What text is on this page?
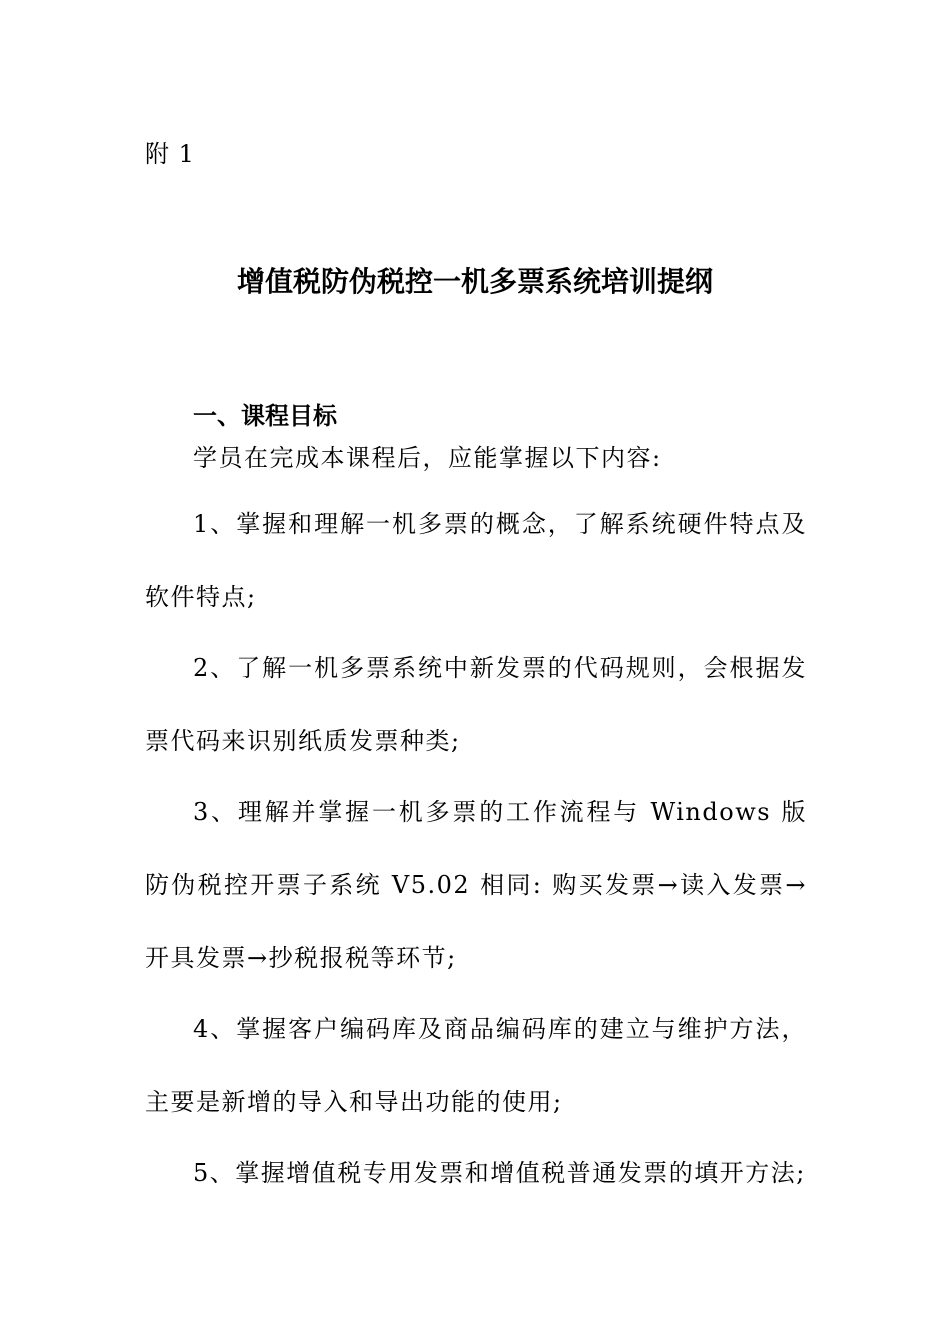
附 1
增值税防伪税控一机多票系统培训提纲
一、课程目标

学员在完成本课程后，应能掌握以下内容:

1、掌握和理解一机多票的概念，了解系统硬件特点及软件特点;

2、了解一机多票系统中新发票的代码规则，会根据发票代码来识别纸质发票种类;

3、理解并掌握一机多票的工作流程与 Windows 版防伪税控开票子系统 V5.02 相同: 购买发票→读入发票→开具发票→抄税报税等环节;

4、掌握客户编码库及商品编码库的建立与维护方法，主要是新增的导入和导出功能的使用;

5、掌握增值税专用发票和增值税普通发票的填开方法;
